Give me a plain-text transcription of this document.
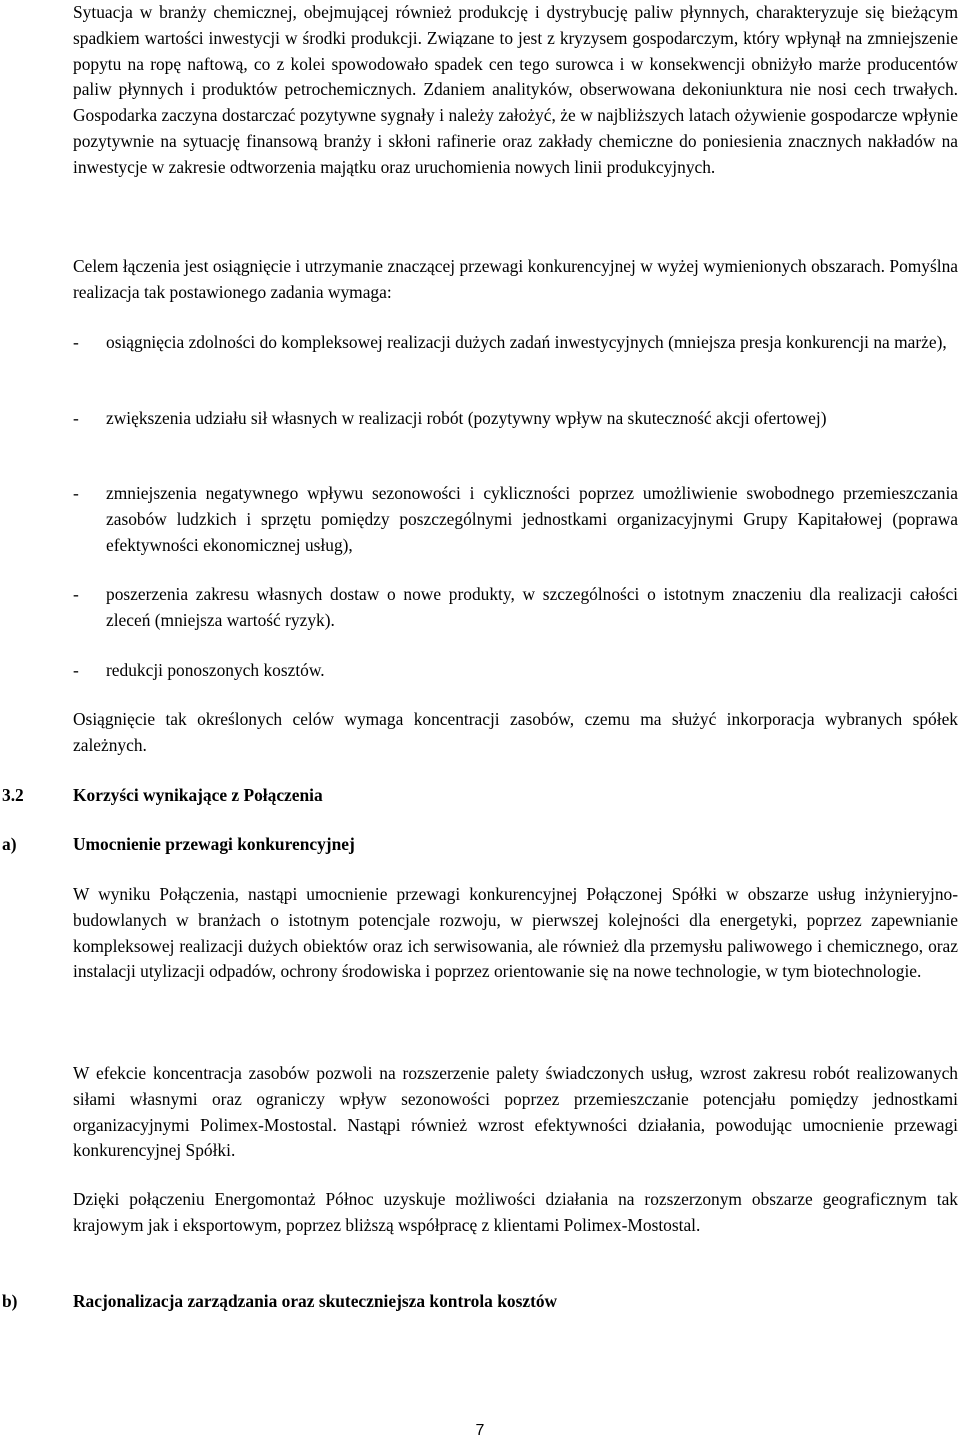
Sytuacja w branży chemicznej, obejmującej również produkcję i dystrybucję paliw płynnych, charakteryzuje się bieżącym spadkiem wartości inwestycji w środki produkcji. Związane to jest z kryzysem gospodarczym, który wpłynął na zmniejszenie popytu na ropę naftową, co z kolei spowodowało spadek cen tego surowca i w konsekwencji obniżyło marże producentów paliw płynnych i produktów petrochemicznych. Zdaniem analityków, obserwowana dekoniunktura nie nosi cech trwałych. Gospodarka zaczyna dostarczać pozytywne sygnały i należy założyć, że w najbliższych latach ożywienie gospodarcze wpłynie pozytywnie na sytuację finansową branży i skłoni rafinerie oraz zakłady chemiczne do poniesienia znacznych nakładów na inwestycje w zakresie odtworzenia majątku oraz uruchomienia nowych linii produkcyjnych.

Celem łączenia jest osiągnięcie i utrzymanie znaczącej przewagi konkurencyjnej w wyżej wymienionych obszarach. Pomyślna realizacja tak postawionego zadania wymaga:

- osiągnięcia zdolności do kompleksowej realizacji dużych zadań inwestycyjnych (mniejsza presja konkurencji na marże),
- zwiększenia udziału sił własnych w realizacji robót (pozytywny wpływ na skuteczność akcji ofertowej)
- zmniejszenia negatywnego wpływu sezonowości i cykliczności poprzez umożliwienie swobodnego przemieszczania zasobów ludzkich i sprzętu pomiędzy poszczególnymi jednostkami organizacyjnymi Grupy Kapitałowej (poprawa efektywności ekonomicznej usług),
- poszerzenia zakresu własnych dostaw o nowe produkty, w szczególności o istotnym znaczeniu dla realizacji całości zleceń (mniejsza wartość ryzyk).
- redukcji ponoszonych kosztów.

Osiągnięcie tak określonych celów wymaga koncentracji zasobów, czemu ma służyć inkorporacja wybranych spółek zależnych.

3.2	Korzyści wynikające z Połączenia
a)	Umocnienie przewagi konkurencyjnej

W wyniku Połączenia, nastąpi umocnienie przewagi konkurencyjnej Połączonej Spółki w obszarze usług inżynieryjno-budowlanych w branżach o istotnym potencjale rozwoju, w pierwszej kolejności dla energetyki, poprzez zapewnianie kompleksowej realizacji dużych obiektów oraz ich serwisowania, ale również dla przemysłu paliwowego i chemicznego, oraz instalacji utylizacji odpadów, ochrony środowiska i poprzez orientowanie się na nowe technologie, w tym biotechnologie.

W efekcie koncentracja zasobów pozwoli na rozszerzenie palety świadczonych usług, wzrost zakresu robót realizowanych siłami własnymi oraz ograniczy wpływ sezonowości poprzez przemieszczanie potencjału pomiędzy jednostkami organizacyjnymi Polimex-Mostostal. Nastąpi również wzrost efektywności działania, powodując umocnienie przewagi konkurencyjnej Spółki.

Dzięki połączeniu Energomontaż Północ uzyskuje możliwości działania na rozszerzonym obszarze geograficznym tak krajowym jak i eksportowym, poprzez bliższą współpracę z klientami Polimex-Mostostal.

b)	Racjonalizacja zarządzania oraz skuteczniejsza kontrola kosztów
7
